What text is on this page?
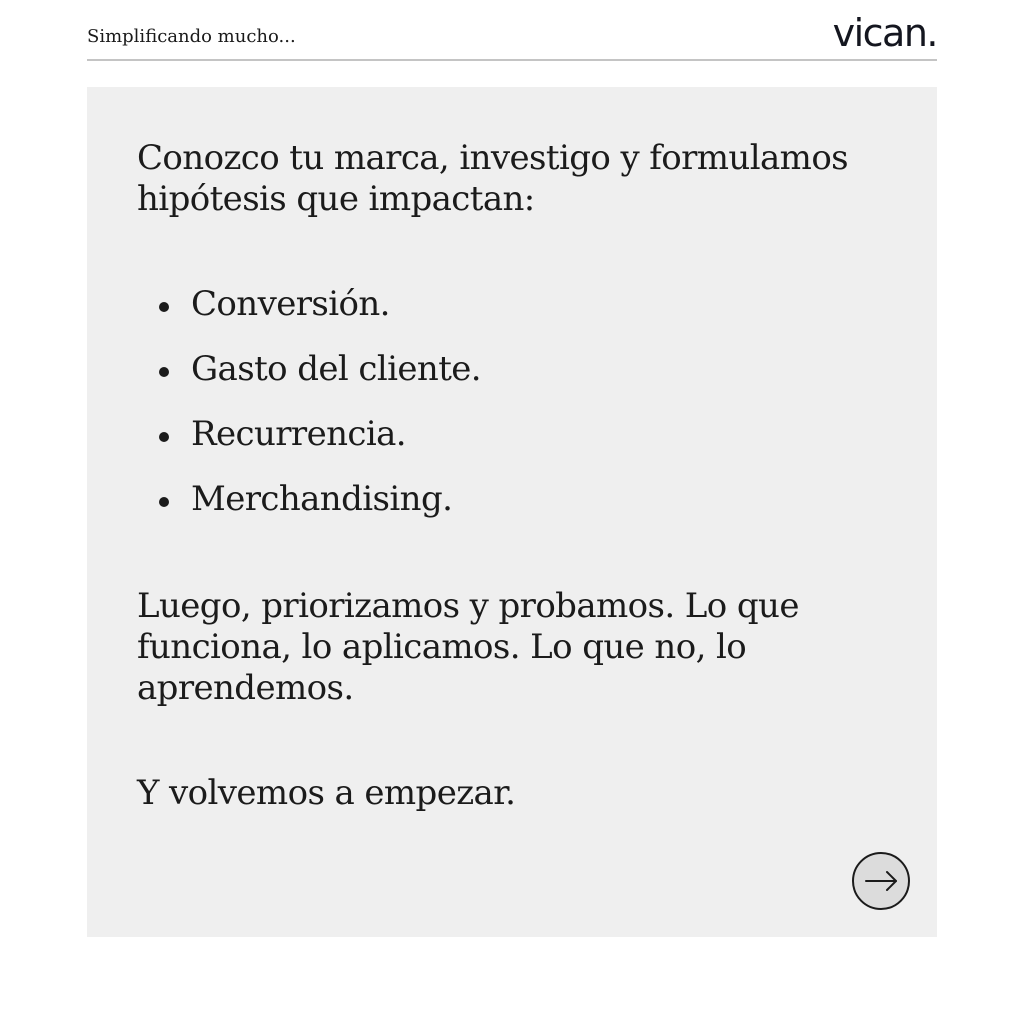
Simplificando mucho...	vican.

Conozco tu marca, investigo y formulamos
hipótesis que impactan:

Conversión.
Gasto del cliente.
Recurrencia.
Merchandising.

Luego, priorizamos y probamos. Lo que
funciona, lo aplicamos. Lo que no, lo
aprendemos.

Y volvemos a empezar.
